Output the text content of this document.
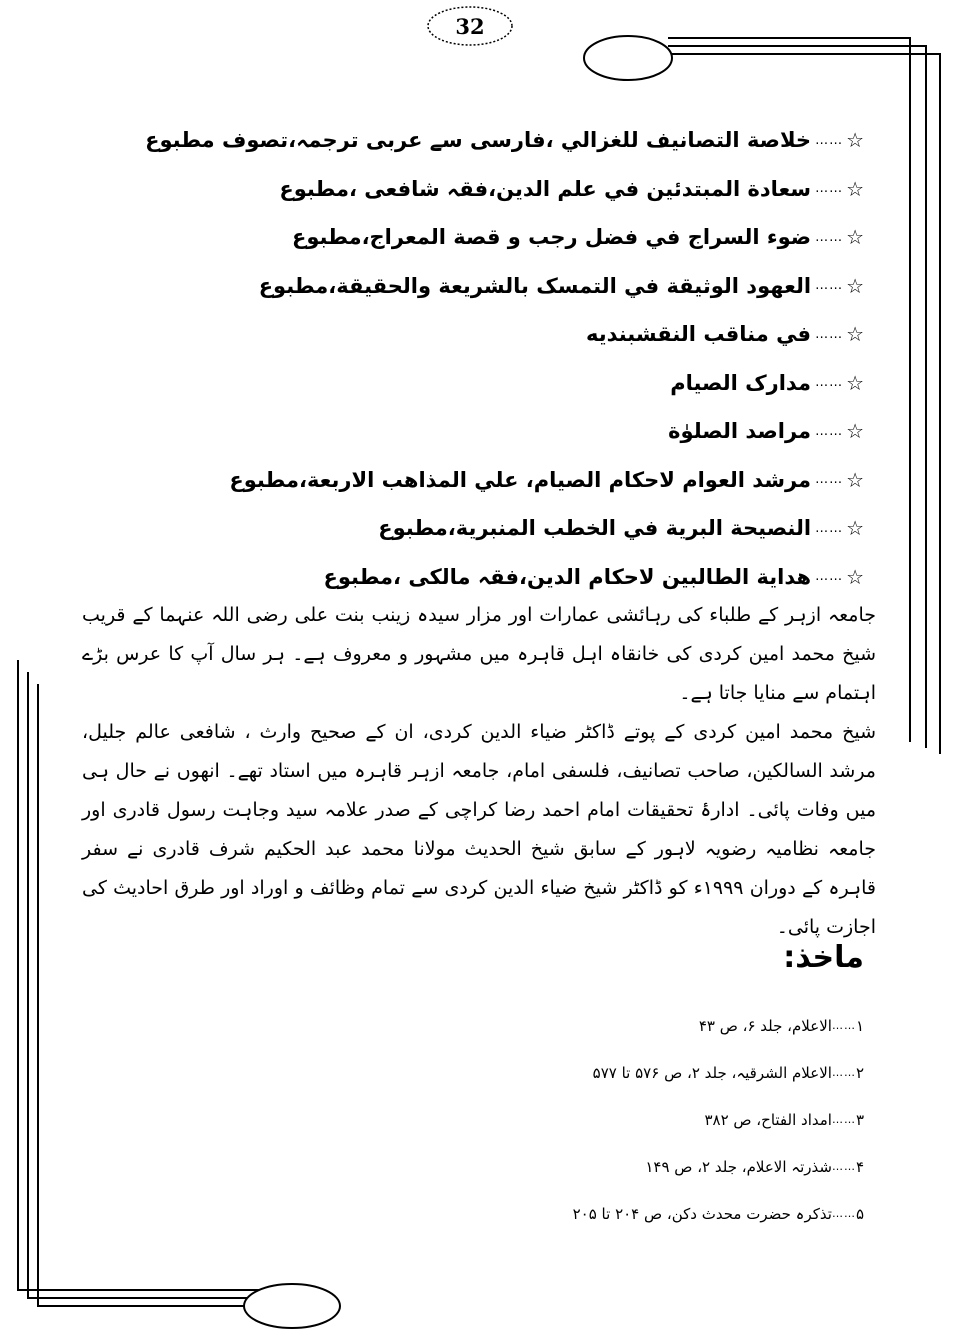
32
☆
……
خلاصة التصانيف للغزالي ،فارسی سے عربی ترجمہ،تصوف مطبوع
☆
……
سعادة المبتدئين في علم الدين،فقہ شافعی ،مطبوع
☆
……
ضوء السراج في فضل رجب و قصة المعراج،مطبوع
☆
……
العهود الوثيقة في التمسک بالشريعة والحقيقة،مطبوع
☆
……
في مناقب النقشبنديه
☆
……
مدارک الصيام
☆
……
مراصد الصلوٰة
☆
……
مرشد العوام لاحكام الصيام، علي المذاهب الاربعة،مطبوع
☆
……
النصيحة البرية في الخطب المنبرية،مطبوع
☆
……
هداية الطالبين لاحكام الدين،فقہ مالکی ،مطبوع

جامعہ ازہر کے طلباء کی رہائشی عمارات اور مزار سیدہ زینب بنت علی رضی اللہ عنہما کے قریب شیخ محمد امین کردی کی خانقاہ اہل قاہرہ میں مشہور و معروف ہے۔ ہر سال آپ کا عرس بڑے اہتمام سے منایا جاتا ہے۔

شیخ محمد امین کردی کے پوتے ڈاکٹر ضیاء الدین کردی، ان کے صحیح وارث ، شافعی عالم جلیل، مرشد السالکین، صاحب تصانیف، فلسفی امام، جامعہ ازہر قاہرہ میں استاد تھے۔ انھوں نے حال ہی میں وفات پائی۔ ادارۂ تحقیقات امام احمد رضا کراچی کے صدر علامہ سید وجاہت رسول قادری اور جامعہ نظامیہ رضویہ لاہور کے سابق شیخ الحدیث مولانا محمد عبد الحکیم شرف قادری نے سفر قاہرہ کے دوران ۱۹۹۹ء کو ڈاکٹر شیخ ضیاء الدین کردی سے تمام وظائف و اوراد اور طرق احادیث کی اجازت پائی۔

ماخذ:
۱
……
الاعلام، جلد ۶، ص ۴۳
۲
……
الاعلام الشرقیہ، جلد ۲، ص ۵۷۶ تا ۵۷۷
۳
……
امداد الفتاح، ص ۳۸۲
۴
……
شذرتہ الاعلام، جلد ۲، ص ۱۴۹
۵
……
تذکرہ حضرت محدث دکن، ص ۲۰۴ تا ۲۰۵
